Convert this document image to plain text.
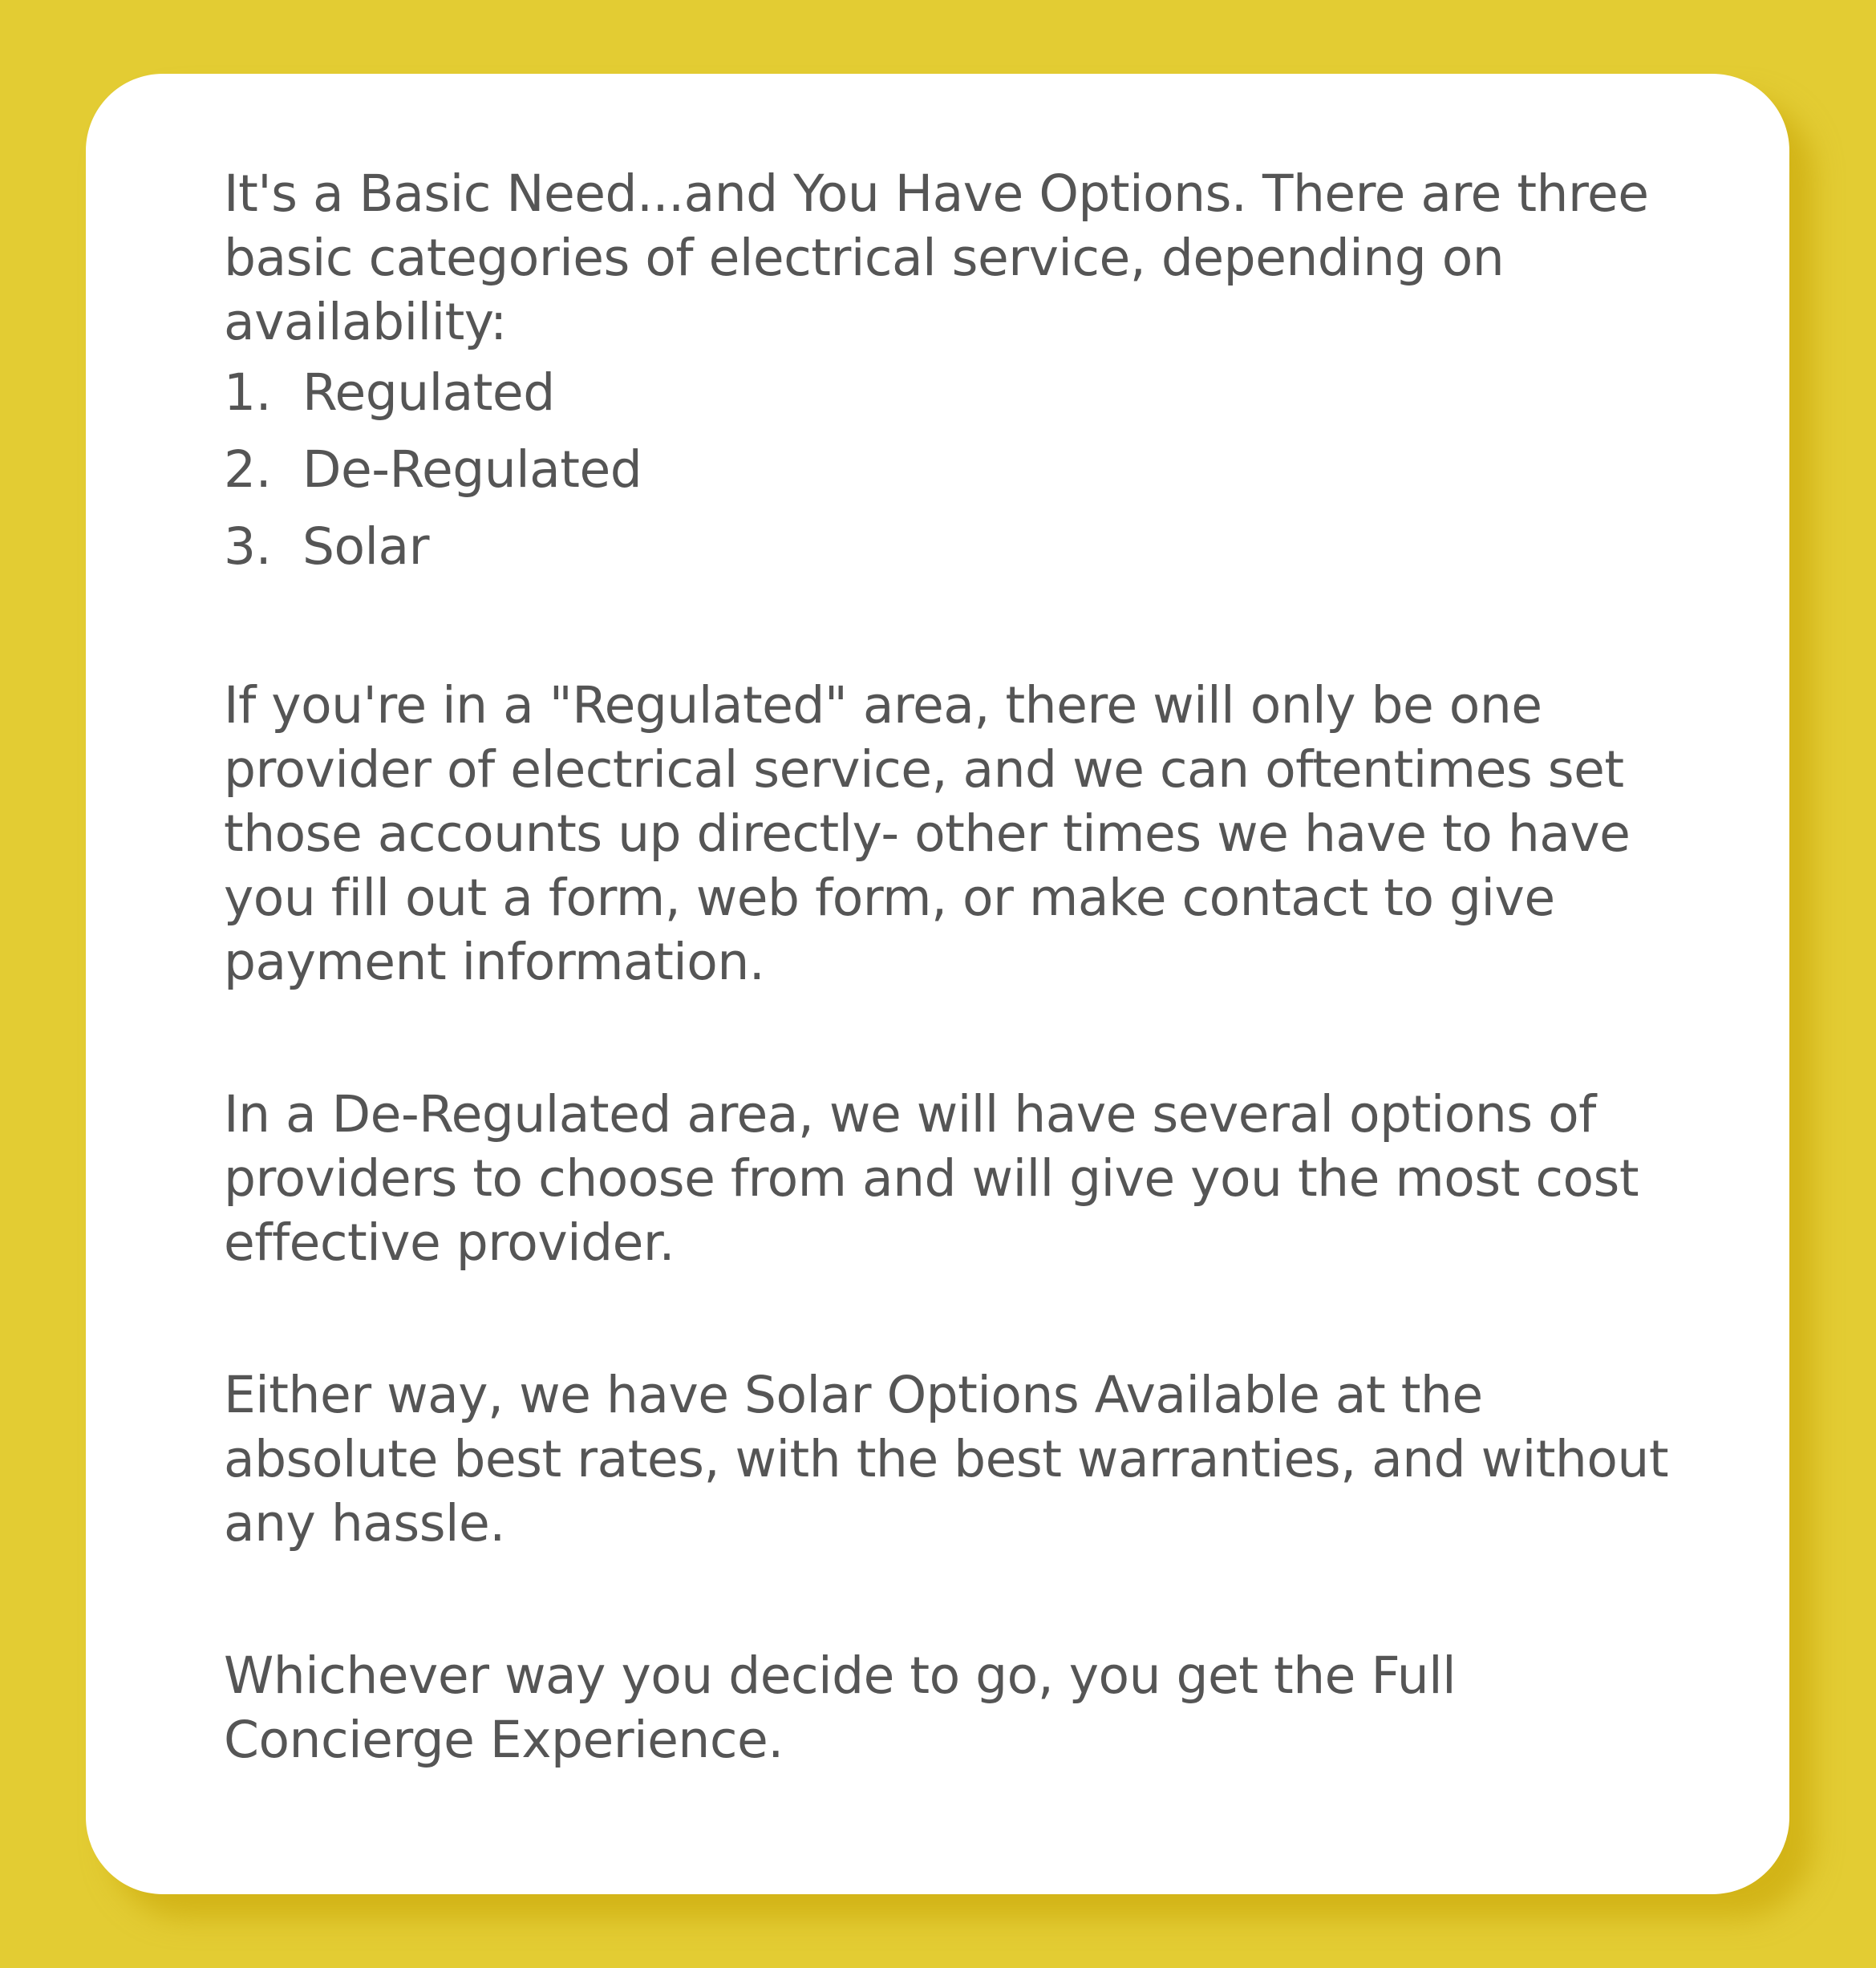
It's a Basic Need...and You Have Options. There are three basic categories of electrical service, depending on availability:

1. Regulated
2. De-Regulated
3. Solar

If you're in a "Regulated" area, there will only be one provider of electrical service, and we can oftentimes set those accounts up directly- other times we have to have you fill out a form, web form, or make contact to give payment information.

In a De-Regulated area, we will have several options of providers to choose from and will give you the most cost effective provider.

Either way, we have Solar Options Available at the absolute best rates, with the best warranties, and without any hassle.

Whichever way you decide to go, you get the Full Concierge Experience.
